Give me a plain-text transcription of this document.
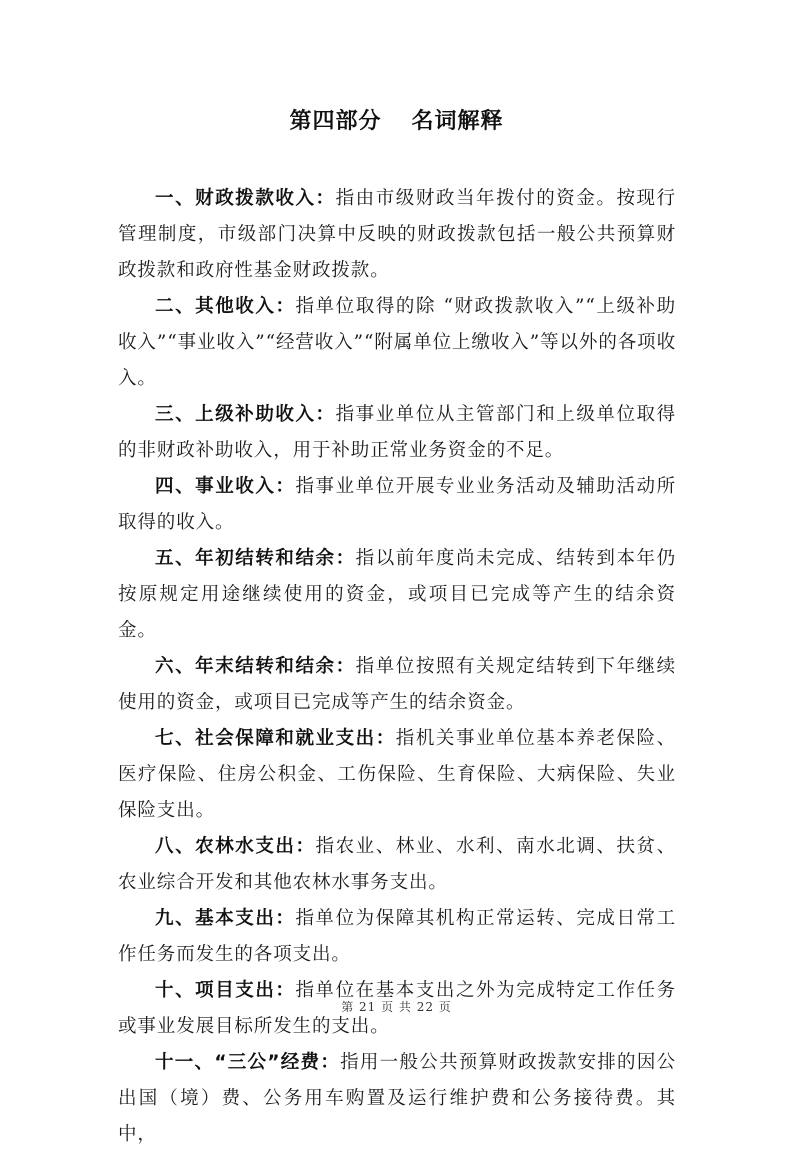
第四部分 名词解释

一、财政拨款收入：指由市级财政当年拨付的资金。按现行管理制度，市级部门决算中反映的财政拨款包括一般公共预算财政拨款和政府性基金财政拨款。

二、其他收入：指单位取得的除 “财政拨款收入”“上级补助收入”“事业收入”“经营收入”“附属单位上缴收入”等以外的各项收入。

三、上级补助收入：指事业单位从主管部门和上级单位取得的非财政补助收入，用于补助正常业务资金的不足。

四、事业收入：指事业单位开展专业业务活动及辅助活动所取得的收入。

五、年初结转和结余：指以前年度尚未完成、结转到本年仍按原规定用途继续使用的资金，或项目已完成等产生的结余资金。

六、年末结转和结余：指单位按照有关规定结转到下年继续使用的资金，或项目已完成等产生的结余资金。

七、社会保障和就业支出：指机关事业单位基本养老保险、医疗保险、住房公积金、工伤保险、生育保险、大病保险、失业保险支出。

八、农林水支出：指农业、林业、水利、南水北调、扶贫、农业综合开发和其他农林水事务支出。

九、基本支出：指单位为保障其机构正常运转、完成日常工作任务而发生的各项支出。

十、项目支出：指单位在基本支出之外为完成特定工作任务或事业发展目标所发生的支出。

十一、“三公”经费：指用一般公共预算财政拨款安排的因公出国（境）费、公务用车购置及运行维护费和公务接待费。其中，

第 21 页 共 22 页
